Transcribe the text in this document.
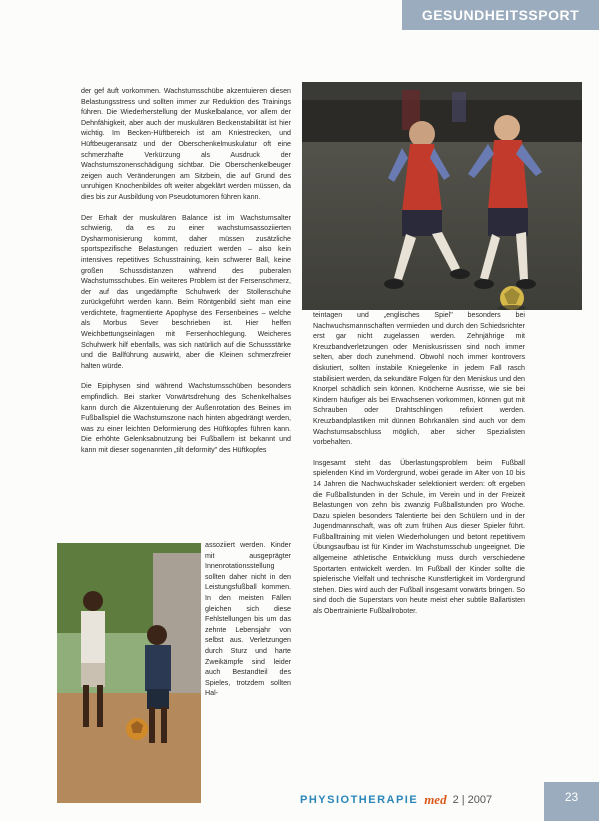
GESUNDHEITSSPORT

der gef äuft vorkommen. Wachstumsschübe akzentuieren diesen Belastungsstress und sollten immer zur Reduktion des Trainings führen. Die Wiederherstellung der Muskelbalance, vor allem der Dehnfähigkeit, aber auch der muskulären Beckenstabilität ist hier wichtig. Im Becken-Hüftbereich ist am Kniestrecken, und Hüftbeugeransatz und der Oberschenkelmuskulatur oft eine schmerzhafte Verkürzung als Ausdruck der Wachstumszonenschädigung sichtbar. Die Oberschenkelbeuger zeigen auch Veränderungen am Sitzbein, die auf Grund des unruhigen Knochenbildes oft weiter abgeklärt werden müssen, da dies bis zur Ausbildung von Pseudotumoren führen kann.

Der Erhalt der muskulären Balance ist im Wachstumsalter schwierig, da es zu einer wachstumsassoziierten Dysharmonisierung kommt, daher müssen zusätzliche sportspezifische Belastungen reduziert werden – also kein intensives repetitives Schusstraining, kein schwerer Ball, keine großen Schussdistanzen während des puberalen Wachstumsschubes. Ein weiteres Problem ist der Fersenschmerz, der auf das ungedämpfte Schuhwerk der Stollenschuhe zurückgeführt werden kann. Beim Röntgenbild sieht man eine verdichtete, fragmentierte Apophyse des Fersenbeines – welche als Morbus Sever beschrieben ist. Hier helfen Weichbettungseinlagen mit Fersenhochlegung. Weicheres Schuhwerk hilf ebenfalls, was sich natürlich auf die Schussstärke und die Ballführung auswirkt, aber die Kleinen schmerzfreier halten würde.

Die Epiphysen sind während Wachstumsschüben besonders empfindlich. Bei starker Vorwärtsdrehung des Schenkelhalses kann durch die Akzentuierung der Außenrotation des Beines im Fußballspiel die Wachstumszone nach hinten abgedrängt werden, was zu einer leichten Deformierung des Hüftkopfes führen kann. Die erhöhte Gelenksabnutzung bei Fußballern ist bekannt und kann mit dieser sogenannten „tilt deformity" des Hüftkopfes

assoziiert werden. Kinder mit ausgeprägter Innenrotationsstellung sollten daher nicht in den Leistungsfußball kommen. In den meisten Fällen gleichen sich diese Fehlstellungen bis um das zehnte Lebensjahr von selbst aus. Verletzungen durch Sturz und harte Zweikämpfe sind leider auch Bestandteil des Spieles, trotzdem sollten Hal-

teintagen und „englisches Spiel" besonders bei Nachwuchsmannschaften vermieden und durch den Schiedsrichter erst gar nicht zugelassen werden. Zehnjährige mit Kreuzbandverletzungen oder Meniskusrissen sind noch immer selten, aber doch zunehmend. Obwohl noch immer kontrovers diskutiert, sollten instabile Kniegelenke in jedem Fall rasch stabilisiert werden, da sekundäre Folgen für den Meniskus und den Knorpel schädlich sein können. Knöcherne Ausrisse, wie sie bei Kindern häufiger als bei Erwachsenen vorkommen, können gut mit Schrauben oder Drahtschlingen refixiert werden. Kreuzbandplastiken mit dünnen Bohrkanälen sind auch vor dem Wachstumsabschluss möglich, aber sicher Spezialisten vorbehalten.

Insgesamt steht das Überlastungsproblem beim Fußball spielenden Kind im Vordergrund, wobei gerade im Alter von 10 bis 14 Jahren die Nachwuchskader selektioniert werden: oft ergeben die Fußballstunden in der Schule, im Verein und in der Freizeit Belastungen von zehn bis zwanzig Fußballstunden pro Woche. Dazu spielen besonders Talentierte bei den Schülern und in der Jugendmannschaft, was oft zum frühen Aus dieser Spieler führt. Fußballtraining mit vielen Wiederholungen und betont repetitivem Übungsaufbau ist für Kinder im Wachstumsschub ungeeignet. Die allgemeine athletische Entwicklung muss durch verschiedene Sportarten entwickelt werden. Im Fußball der Kinder sollte die spielerische Vielfalt und technische Kunstfertigkeit im Vordergrund stehen. Dies wird auch der Fußball insgesamt vorwärts bringen. So sind doch die Superstars von heute meist eher subtile Ballartisten als Obertrainierte Fußballroboter.

PHYSIOTHERAPIE med 2 | 2007	23
